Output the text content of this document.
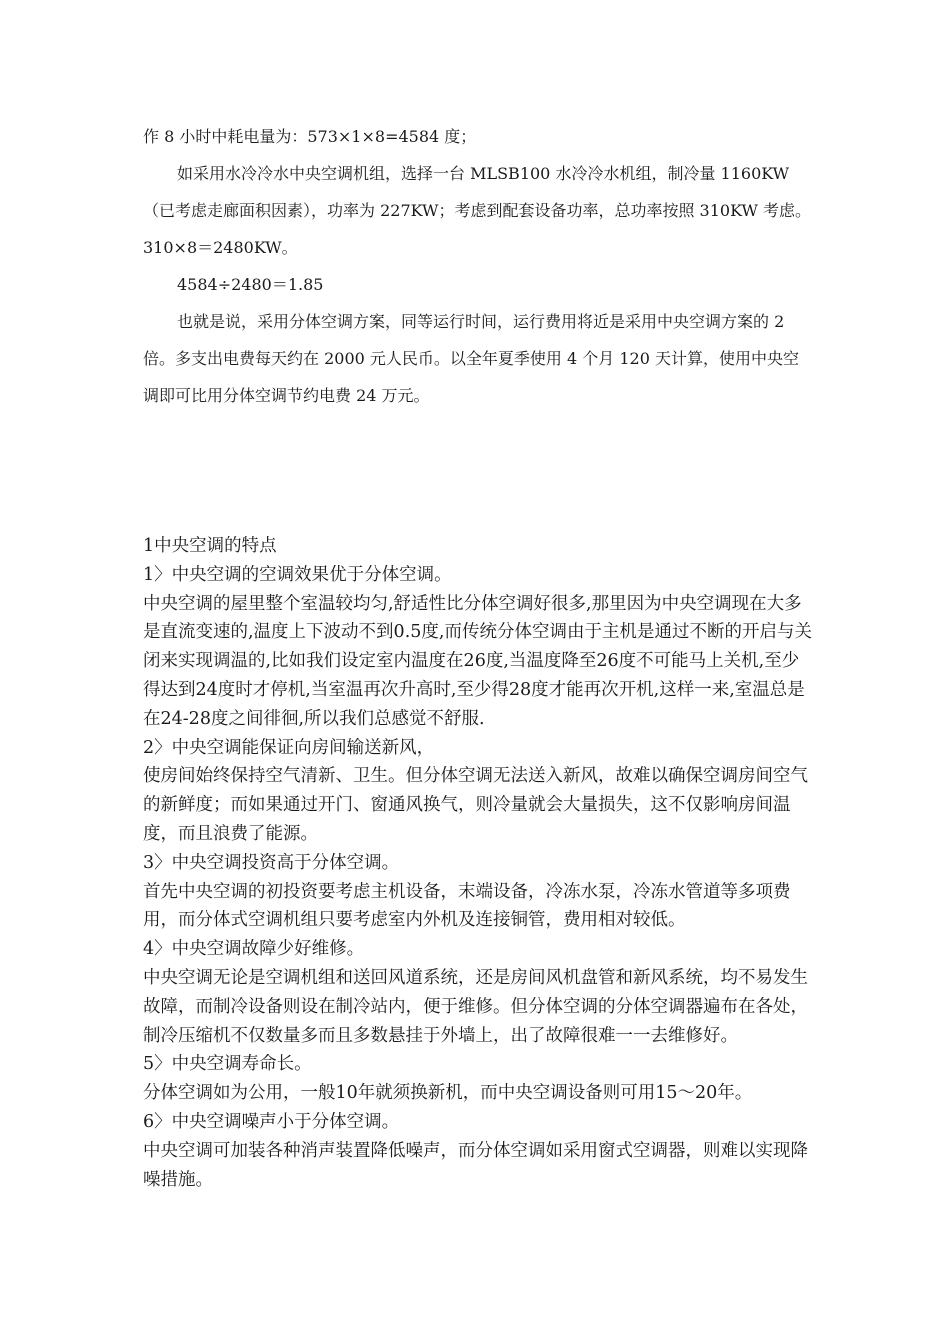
作 8 小时中耗电量为：573×1×8=4584 度；

如采用水冷冷水中央空调机组，选择一台 MLSB100 水冷冷水机组，制冷量 1160KW（已考虑走廊面积因素），功率为 227KW；考虑到配套设备功率，总功率按照 310KW 考虑。310×8＝2480KW。

4584÷2480＝1.85

也就是说，采用分体空调方案，同等运行时间，运行费用将近是采用中央空调方案的 2 倍。多支出电费每天约在 2000 元人民币。以全年夏季使用 4 个月 120 天计算，使用中央空调即可比用分体空调节约电费 24 万元。

1中央空调的特点

1〉中央空调的空调效果优于分体空调。

中央空调的屋里整个室温较均匀,舒适性比分体空调好很多,那里因为中央空调现在大多是直流变速的,温度上下波动不到0.5度,而传统分体空调由于主机是通过不断的开启与关闭来实现调温的,比如我们设定室内温度在26度,当温度降至26度不可能马上关机,至少得达到24度时才停机,当室温再次升高时,至少得28度才能再次开机,这样一来,室温总是在24-28度之间徘徊,所以我们总感觉不舒服.

2〉中央空调能保证向房间输送新风，

使房间始终保持空气清新、卫生。但分体空调无法送入新风，故难以确保空调房间空气的新鲜度；而如果通过开门、窗通风换气，则冷量就会大量损失，这不仅影响房间温度，而且浪费了能源。

3〉中央空调投资高于分体空调。

首先中央空调的初投资要考虑主机设备，末端设备，冷冻水泵，冷冻水管道等多项费用，而分体式空调机组只要考虑室内外机及连接铜管，费用相对较低。

4〉中央空调故障少好维修。

中央空调无论是空调机组和送回风道系统，还是房间风机盘管和新风系统，均不易发生故障，而制冷设备则设在制冷站内，便于维修。但分体空调的分体空调器遍布在各处，制冷压缩机不仅数量多而且多数悬挂于外墙上，出了故障很难一一去维修好。

5〉中央空调寿命长。

分体空调如为公用，一般10年就须换新机，而中央空调设备则可用15～20年。

6〉中央空调噪声小于分体空调。

中央空调可加装各种消声装置降低噪声，而分体空调如采用窗式空调器，则难以实现降噪措施。
